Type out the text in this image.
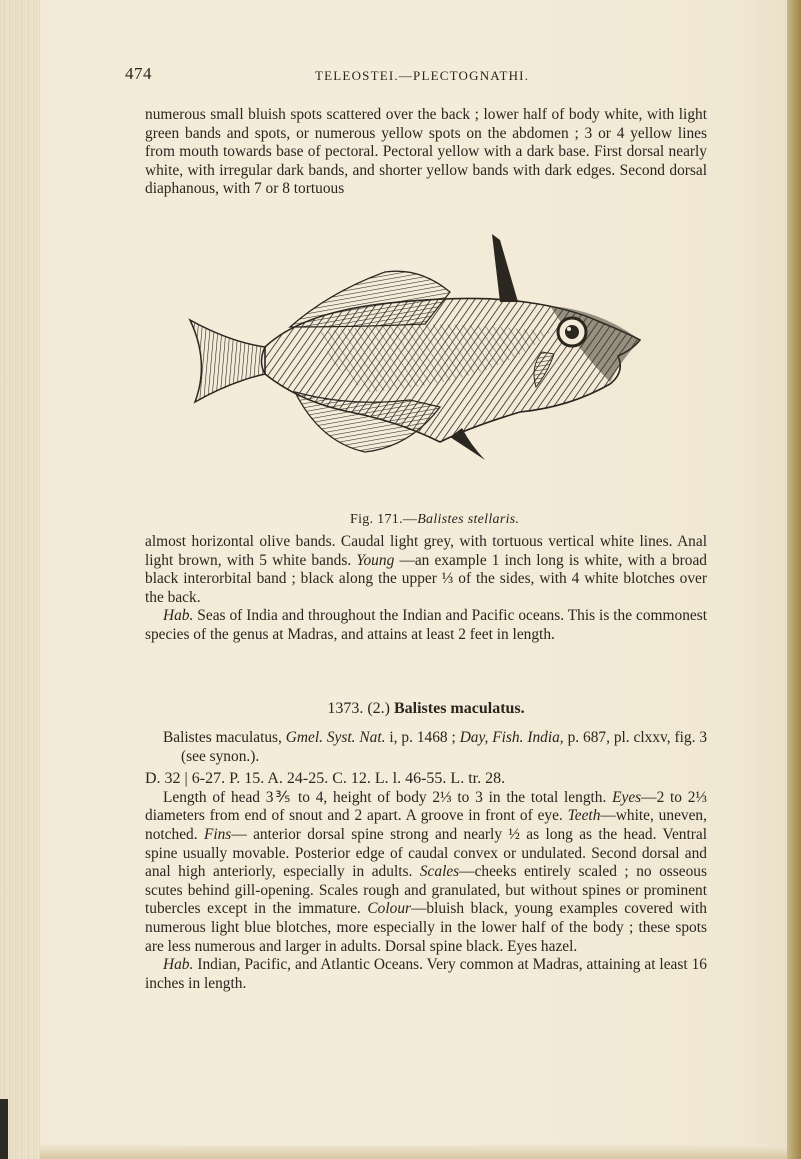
474	TELEOSTEI.—PLECTOGNATHI.

numerous small bluish spots scattered over the back ; lower half of body white, with light green bands and spots, or numerous yellow spots on the abdomen ; 3 or 4 yellow lines from mouth towards base of pectoral. Pectoral yellow with a dark base. First dorsal nearly white, with irregular dark bands, and shorter yellow bands with dark edges. Second dorsal diaphanous, with 7 or 8 tortuous

Fig. 171.—Balistes stellaris.

almost horizontal olive bands. Caudal light grey, with tortuous vertical white lines. Anal light brown, with 5 white bands. Young —an example 1 inch long is white, with a broad black interorbital band ; black along the upper ⅓ of the sides, with 4 white blotches over the back.

Hab. Seas of India and throughout the Indian and Pacific oceans. This is the commonest species of the genus at Madras, and attains at least 2 feet in length.

1373. (2.) Balistes maculatus.

Balistes maculatus, Gmel. Syst. Nat. i, p. 1468 ; Day, Fish. India, p. 687, pl. clxxv, fig. 3 (see synon.).

D. 32 | 6-27. P. 15. A. 24-25. C. 12. L. l. 46-55. L. tr. 28.

Length of head 3⅗ to 4, height of body 2⅓ to 3 in the total length. Eyes—2 to 2⅓ diameters from end of snout and 2 apart. A groove in front of eye. Teeth—white, uneven, notched. Fins— anterior dorsal spine strong and nearly ½ as long as the head. Ventral spine usually movable. Posterior edge of caudal convex or undulated. Second dorsal and anal high anteriorly, especially in adults. Scales—cheeks entirely scaled ; no osseous scutes behind gill-opening. Scales rough and granulated, but without spines or prominent tubercles except in the immature. Colour—bluish black, young examples covered with numerous light blue blotches, more especially in the lower half of the body ; these spots are less numerous and larger in adults. Dorsal spine black. Eyes hazel.

Hab. Indian, Pacific, and Atlantic Oceans. Very common at Madras, attaining at least 16 inches in length.
